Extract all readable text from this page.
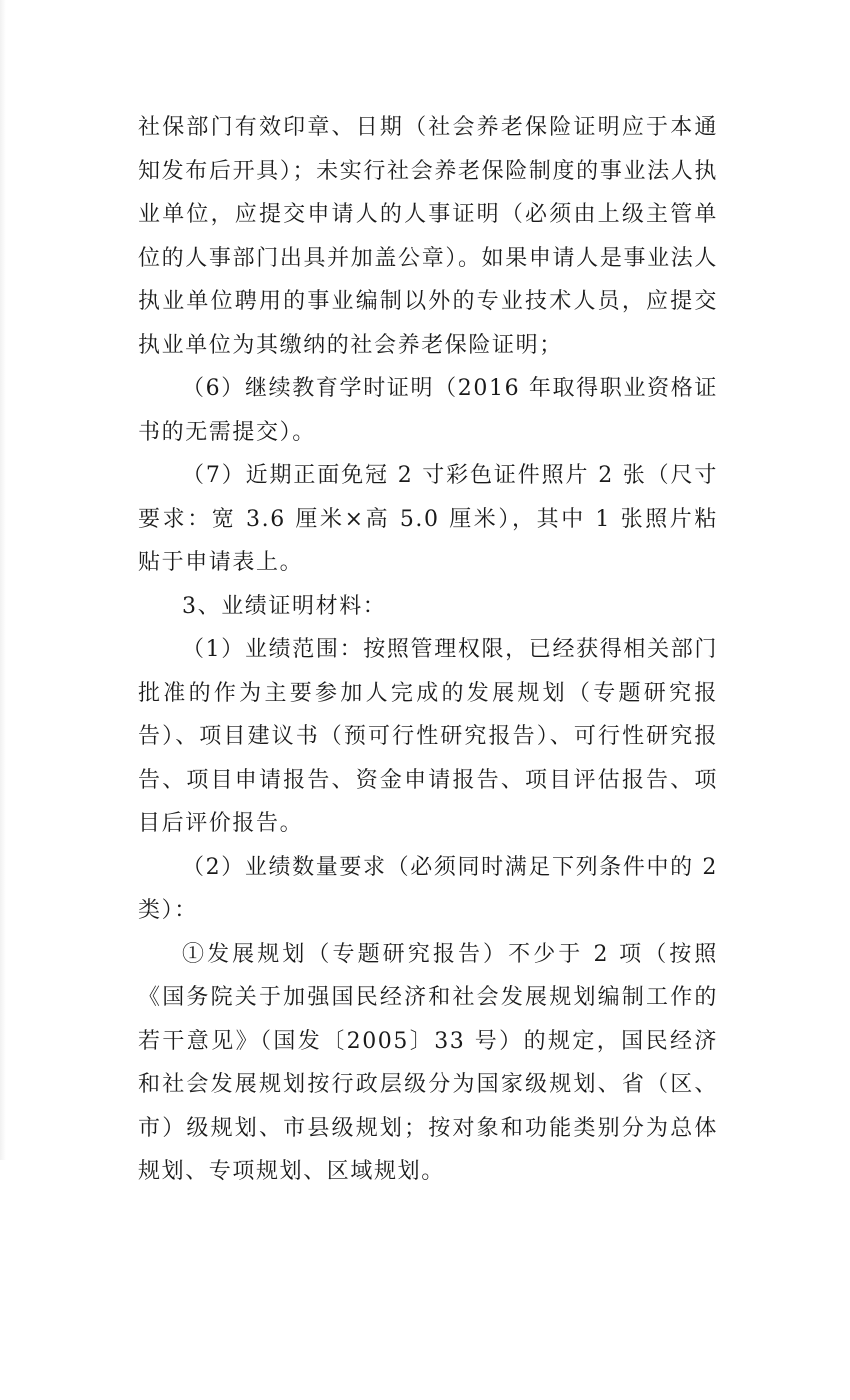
社保部门有效印章、日期（社会养老保险证明应于本通知发布后开具）；未实行社会养老保险制度的事业法人执业单位，应提交申请人的人事证明（必须由上级主管单位的人事部门出具并加盖公章）。如果申请人是事业法人执业单位聘用的事业编制以外的专业技术人员，应提交执业单位为其缴纳的社会养老保险证明；

（6）继续教育学时证明（2016 年取得职业资格证书的无需提交）。

（7）近期正面免冠 2 寸彩色证件照片 2 张（尺寸要求：宽 3.6 厘米×高 5.0 厘米），其中 1 张照片粘贴于申请表上。

3、业绩证明材料：

（1）业绩范围：按照管理权限，已经获得相关部门批准的作为主要参加人完成的发展规划（专题研究报告）、项目建议书（预可行性研究报告）、可行性研究报告、项目申请报告、资金申请报告、项目评估报告、项目后评价报告。

（2）业绩数量要求（必须同时满足下列条件中的 2 类）：

①发展规划（专题研究报告）不少于 2 项（按照《国务院关于加强国民经济和社会发展规划编制工作的若干意见》（国发〔2005〕33 号）的规定，国民经济和社会发展规划按行政层级分为国家级规划、省（区、市）级规划、市县级规划；按对象和功能类别分为总体规划、专项规划、区域规划。
